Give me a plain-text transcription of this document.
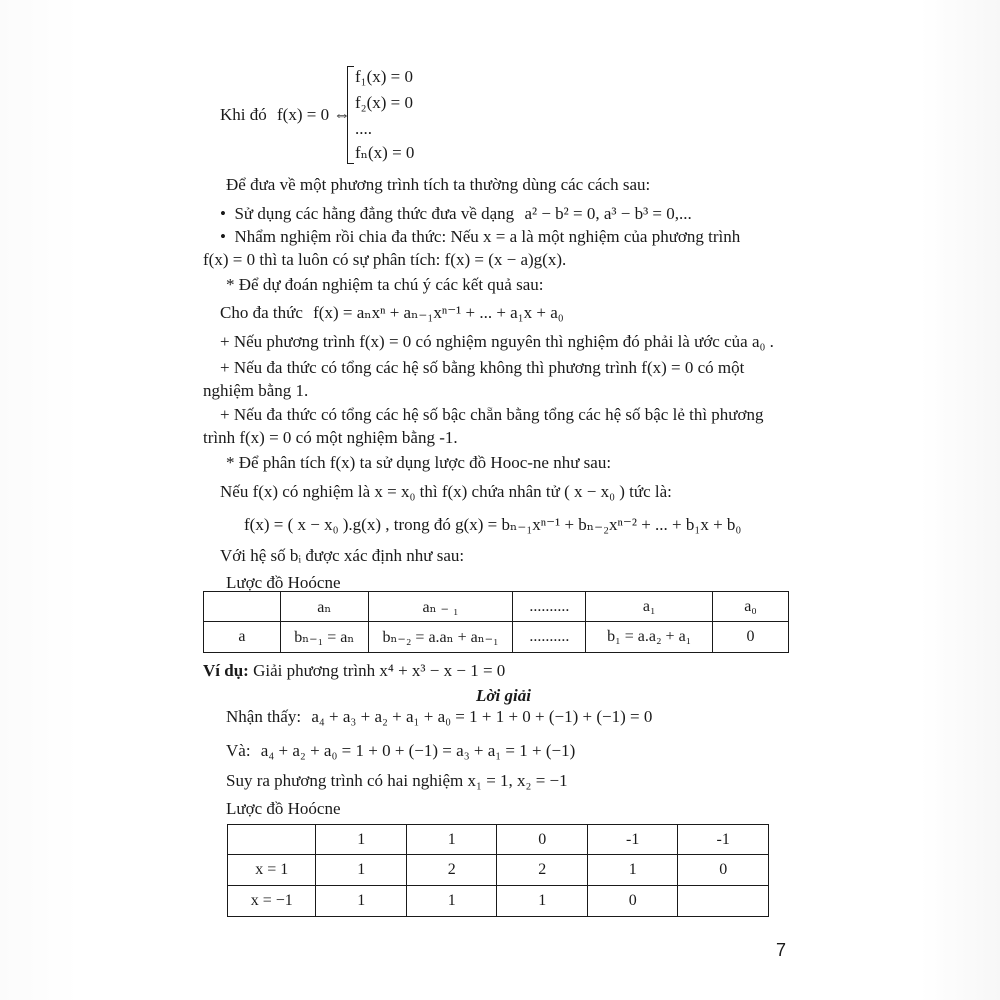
Khi đó f(x) = 0 ⇔
f₁(x) = 0
f₂(x) = 0
....
fₙ(x) = 0
Để đưa về một phương trình tích ta thường dùng các cách sau:
•  Sử dụng các hằng đẳng thức đưa về dạng a² − b² = 0, a³ − b³ = 0,...
•  Nhẩm nghiệm rồi chia đa thức: Nếu x = a là một nghiệm của phương trình
f(x) = 0 thì ta luôn có sự phân tích: f(x) = (x − a)g(x).
* Để dự đoán nghiệm ta chú ý các kết quả sau:
Cho đa thức f(x) = aₙxⁿ + aₙ₋₁xⁿ⁻¹ + ... + a₁x + a₀
+ Nếu phương trình f(x) = 0 có nghiệm nguyên thì nghiệm đó phải là ước của a₀ .
+ Nếu đa thức có tổng các hệ số bằng không thì phương trình f(x) = 0 có một
nghiệm bằng 1.
+ Nếu đa thức có tổng các hệ số bậc chẵn bằng tổng các hệ số bậc lẻ thì phương
trình f(x) = 0 có một nghiệm bằng -1.
* Để phân tích f(x) ta sử dụng lược đồ Hooc-ne như sau:
Nếu f(x) có nghiệm là x = x₀ thì f(x) chứa nhân tử ( x − x₀ ) tức là:
f(x) = ( x − x₀ ).g(x) , trong đó g(x) = bₙ₋₁xⁿ⁻¹ + bₙ₋₂xⁿ⁻² + ... + b₁x + b₀
Với hệ số bᵢ được xác định như sau:
Lược đồ Hoócne
	aₙ	aₙ ₋ ₁	..........	a₁	a₀
a	bₙ₋₁ = aₙ	bₙ₋₂ = a.aₙ + aₙ₋₁	..........	b₁ = a.a₂ + a₁	0
Ví dụ: Giải phương trình x⁴ + x³ − x − 1 = 0
Lời giải
Nhận thấy: a₄ + a₃ + a₂ + a₁ + a₀ = 1 + 1 + 0 + (−1) + (−1) = 0
Và: a₄ + a₂ + a₀ = 1 + 0 + (−1) = a₃ + a₁ = 1 + (−1)
Suy ra phương trình có hai nghiệm x₁ = 1, x₂ = −1
Lược đồ Hoócne
	1	1	0	-1	-1
x = 1	1	2	2	1	0
x = −1	1	1	1	0	
7
